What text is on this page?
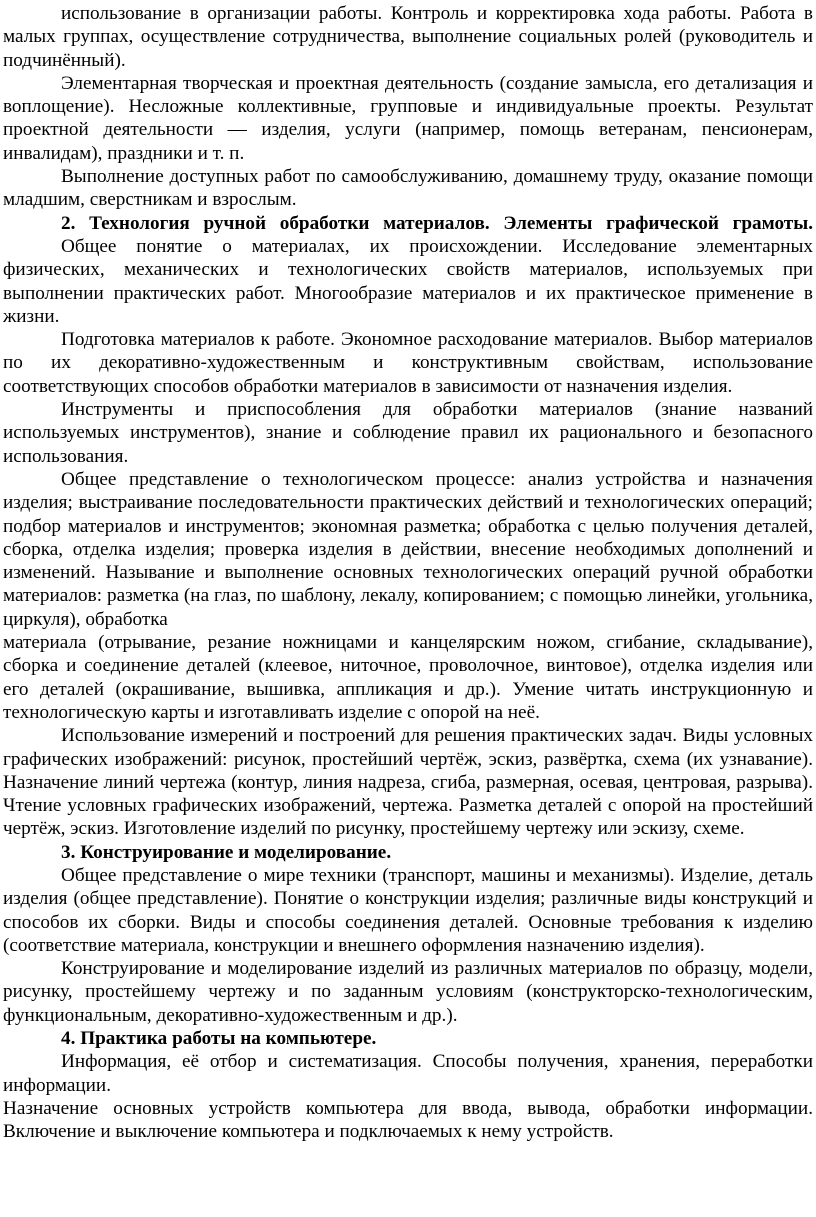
использование в организации работы. Контроль и корректировка хода работы. Работа в малых группах, осуществление сотрудничества, выполнение социальных ролей (руководитель и подчинённый).

Элементарная творческая и проектная деятельность (создание замысла, его детализация и воплощение). Несложные коллективные, групповые и индивидуальные проекты. Результат проектной деятельности — изделия, услуги (например, помощь ветеранам, пенсионерам, инвалидам), праздники и т. п.

Выполнение доступных работ по самообслуживанию, домашнему труду, оказание помощи младшим, сверстникам и взрослым.

2. Технология ручной обработки материалов. Элементы графической грамоты.

Общее понятие о материалах, их происхождении. Исследование элементарных физических, механических и технологических свойств материалов, используемых при выполнении практических работ. Многообразие материалов и их практическое применение в жизни.

Подготовка материалов к работе. Экономное расходование материалов. Выбор материалов по их декоративно-художественным и конструктивным свойствам, использование соответствующих способов обработки материалов в зависимости от назначения изделия.

Инструменты и приспособления для обработки материалов (знание названий используемых инструментов), знание и соблюдение правил их рационального и безопасного использования.

Общее представление о технологическом процессе: анализ устройства и назначения изделия; выстраивание последовательности практических действий и технологических операций; подбор материалов и инструментов; экономная разметка; обработка с целью получения деталей, сборка, отделка изделия; проверка изделия в действии, внесение необходимых дополнений и изменений. Называние и выполнение основных технологических операций ручной обработки материалов: разметка (на глаз, по шаблону, лекалу, копированием; с помощью линейки, угольника, циркуля), обработка

материала (отрывание, резание ножницами и канцелярским ножом, сгибание, складывание), сборка и соединение деталей (клеевое, ниточное, проволочное, винтовое), отделка изделия или его деталей (окрашивание, вышивка, аппликация и др.). Умение читать инструкционную и технологическую карты и изготавливать изделие с опорой на неё.

Использование измерений и построений для решения практических задач. Виды условных графических изображений: рисунок, простейший чертёж, эскиз, развёртка, схема (их узнавание). Назначение линий чертежа (контур, линия надреза, сгиба, размерная, осевая, центровая, разрыва). Чтение условных графических изображений, чертежа. Разметка деталей с опорой на простейший чертёж, эскиз. Изготовление изделий по рисунку, простейшему чертежу или эскизу, схеме.

3. Конструирование и моделирование.

Общее представление о мире техники (транспорт, машины и механизмы). Изделие, деталь изделия (общее представление). Понятие о конструкции изделия; различные виды конструкций и способов их сборки. Виды и способы соединения деталей. Основные требования к изделию (соответствие материала, конструкции и внешнего оформления назначению изделия).

Конструирование и моделирование изделий из различных материалов по образцу, модели, рисунку, простейшему чертежу и по заданным условиям (конструкторско-технологическим, функциональным, декоративно-художественным и др.).

4. Практика работы на компьютере.

Информация, её отбор и систематизация. Способы получения, хранения, переработки информации.

Назначение основных устройств компьютера для ввода, вывода, обработки информации. Включение и выключение компьютера и подключаемых к нему устройств.
